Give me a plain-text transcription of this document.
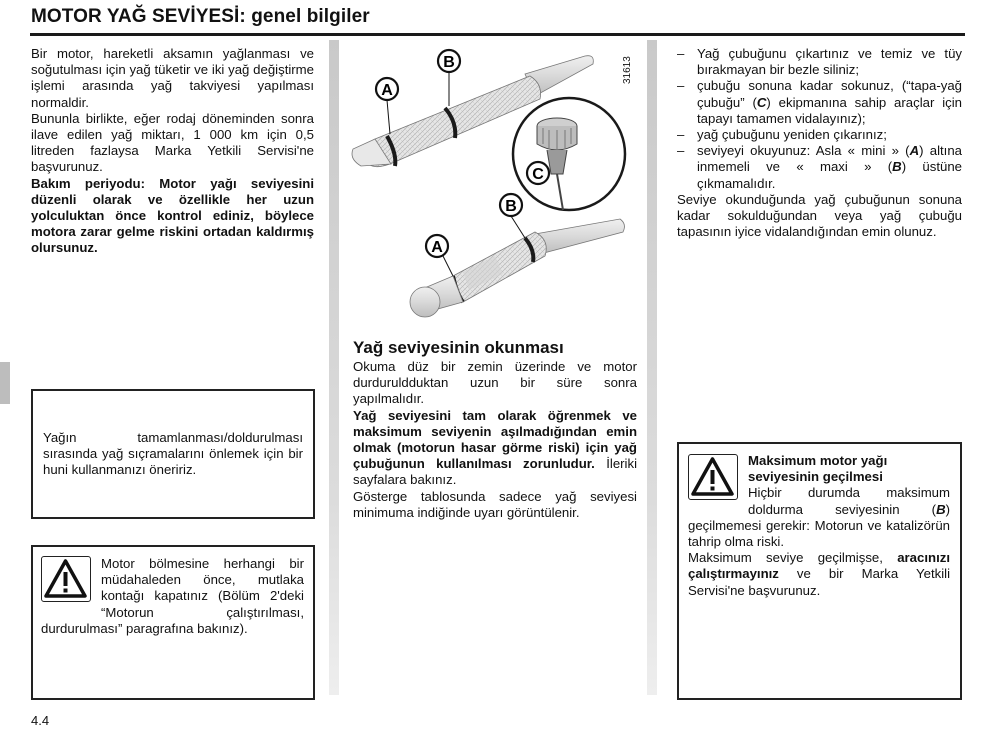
MOTOR YAĞ SEVİYESİ: genel bilgiler

Bir motor, hareketli aksamın yağlanması ve soğutulması için yağ tüketir ve iki yağ değiştirme işlemi arasında yağ takviyesi yapılması normaldir.

Bununla birlikte, eğer rodaj döneminden sonra ilave edilen yağ miktarı, 1 000 km için 0,5 litreden fazlaysa Marka Yetkili Servisi'ne başvurunuz.

Bakım periyodu: Motor yağı seviyesini düzenli olarak ve özellikle her uzun yolculuktan önce kontrol ediniz, böylece motora zarar gelme riskini ortadan kaldırmış olursunuz.

Yağın tamamlanması/doldurulması sırasında yağ sıçramalarını önlemek için bir huni kullanmanızı öneririz.

Motor bölmesine herhangi bir müdahaleden önce, mutlaka kontağı kapatınız (Bölüm 2'deki “Motorun çalıştırılması, durdurulması” paragrafına bakınız).

4.4
31613
A
B
C
B
A
Yağ seviyesinin okunması

Okuma düz bir zemin üzerinde ve motor durduruldduktan uzun bir süre sonra yapılmalıdır.

Yağ seviyesini tam olarak öğrenmek ve maksimum seviyenin aşılmadığından emin olmak (motorun hasar görme riski) için yağ çubuğunun kullanılması zorunludur. İleriki sayfalara bakınız.

Gösterge tablosunda sadece yağ seviyesi minimuma indiğinde uyarı görüntülenir.

– Yağ çubuğunu çıkartınız ve temiz ve tüy bırakmayan bir bezle siliniz;
– çubuğu sonuna kadar sokunuz, (“tapa-yağ çubuğu” (C) ekipmanına sahip araçlar için tapayı tamamen vidalayınız);
– yağ çubuğunu yeniden çıkarınız;
– seviyeyi okuyunuz: Asla « mini » (A) altına inmemeli ve « maxi » (B) üstüne çıkmamalıdır.

Seviye okunduğunda yağ çubuğunun sonuna kadar sokulduğundan veya yağ çubuğu tapasının iyice vidalandığından emin olunuz.

Maksimum motor yağı seviyesinin geçilmesi

Hiçbir durumda maksimum doldurma seviyesinin (B) geçilmemesi gerekir: Motorun ve katalizörün tahrip olma riski.

Maksimum seviye geçilmişse, aracınızı çalıştırmayınız ve bir Marka Yetkili Servisi'ne başvurunuz.
